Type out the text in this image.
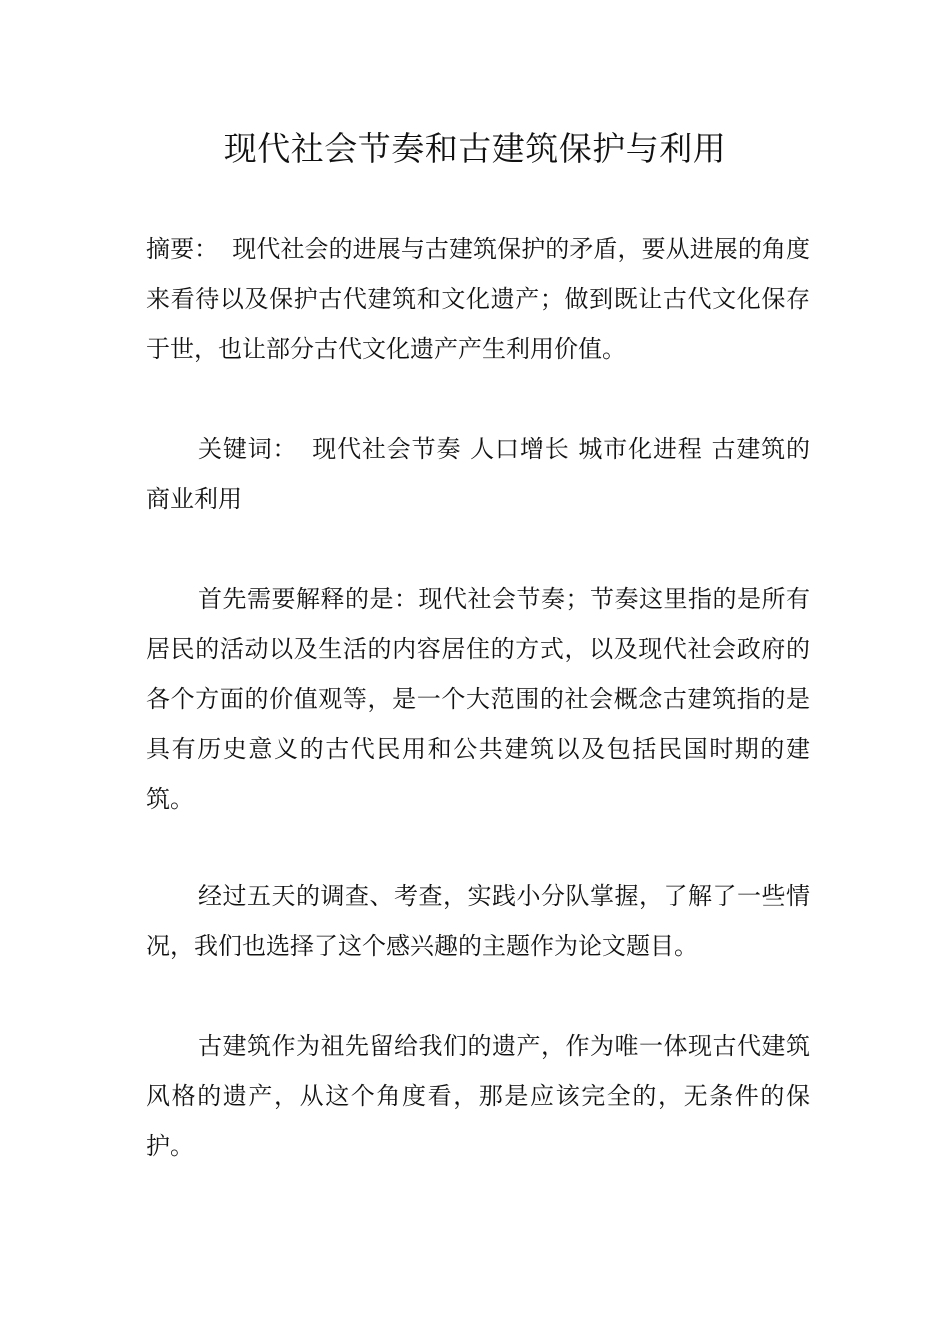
现代社会节奏和古建筑保护与利用

摘要： 现代社会的进展与古建筑保护的矛盾，要从进展的角度来看待以及保护古代建筑和文化遗产；做到既让古代文化保存于世，也让部分古代文化遗产产生利用价值。

关键词： 现代社会节奏 人口增长 城市化进程 古建筑的商业利用

首先需要解释的是：现代社会节奏；节奏这里指的是所有居民的活动以及生活的内容居住的方式，以及现代社会政府的各个方面的价值观等，是一个大范围的社会概念古建筑指的是具有历史意义的古代民用和公共建筑以及包括民国时期的建筑。

经过五天的调查、考查，实践小分队掌握，了解了一些情况，我们也选择了这个感兴趣的主题作为论文题目。

古建筑作为祖先留给我们的遗产，作为唯一体现古代建筑风格的遗产，从这个角度看，那是应该完全的，无条件的保护。
